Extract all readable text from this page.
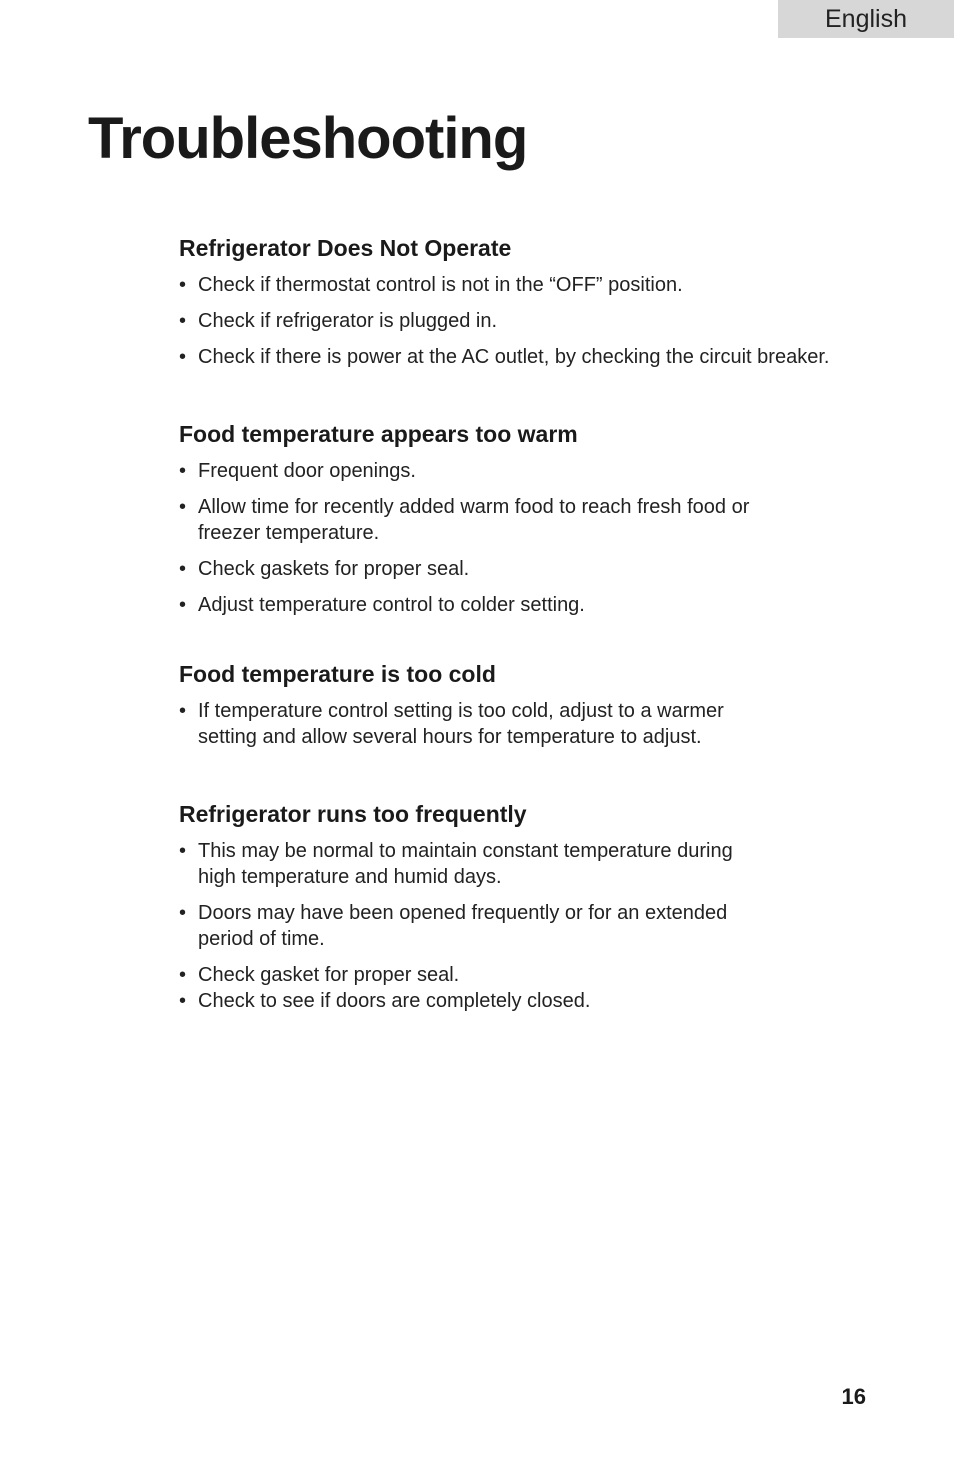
English
Troubleshooting
Refrigerator Does Not Operate
• Check if thermostat control is not in the “OFF” position.
• Check if refrigerator is plugged in.
• Check if there is power at the AC outlet, by checking the circuit breaker.
Food temperature appears too warm
• Frequent door openings.
• Allow time for recently added warm food to reach fresh food or freezer temperature.
• Check gaskets for proper seal.
• Adjust temperature control to colder setting.
Food temperature is too cold
• If temperature control setting is too cold, adjust to a warmer setting and allow several hours for temperature to adjust.
Refrigerator runs too frequently
• This may be normal to maintain constant temperature during high temperature and humid days.
• Doors may have been opened frequently or for an extended period of time.
• Check gasket for proper seal.
• Check to see if doors are completely closed.
16
